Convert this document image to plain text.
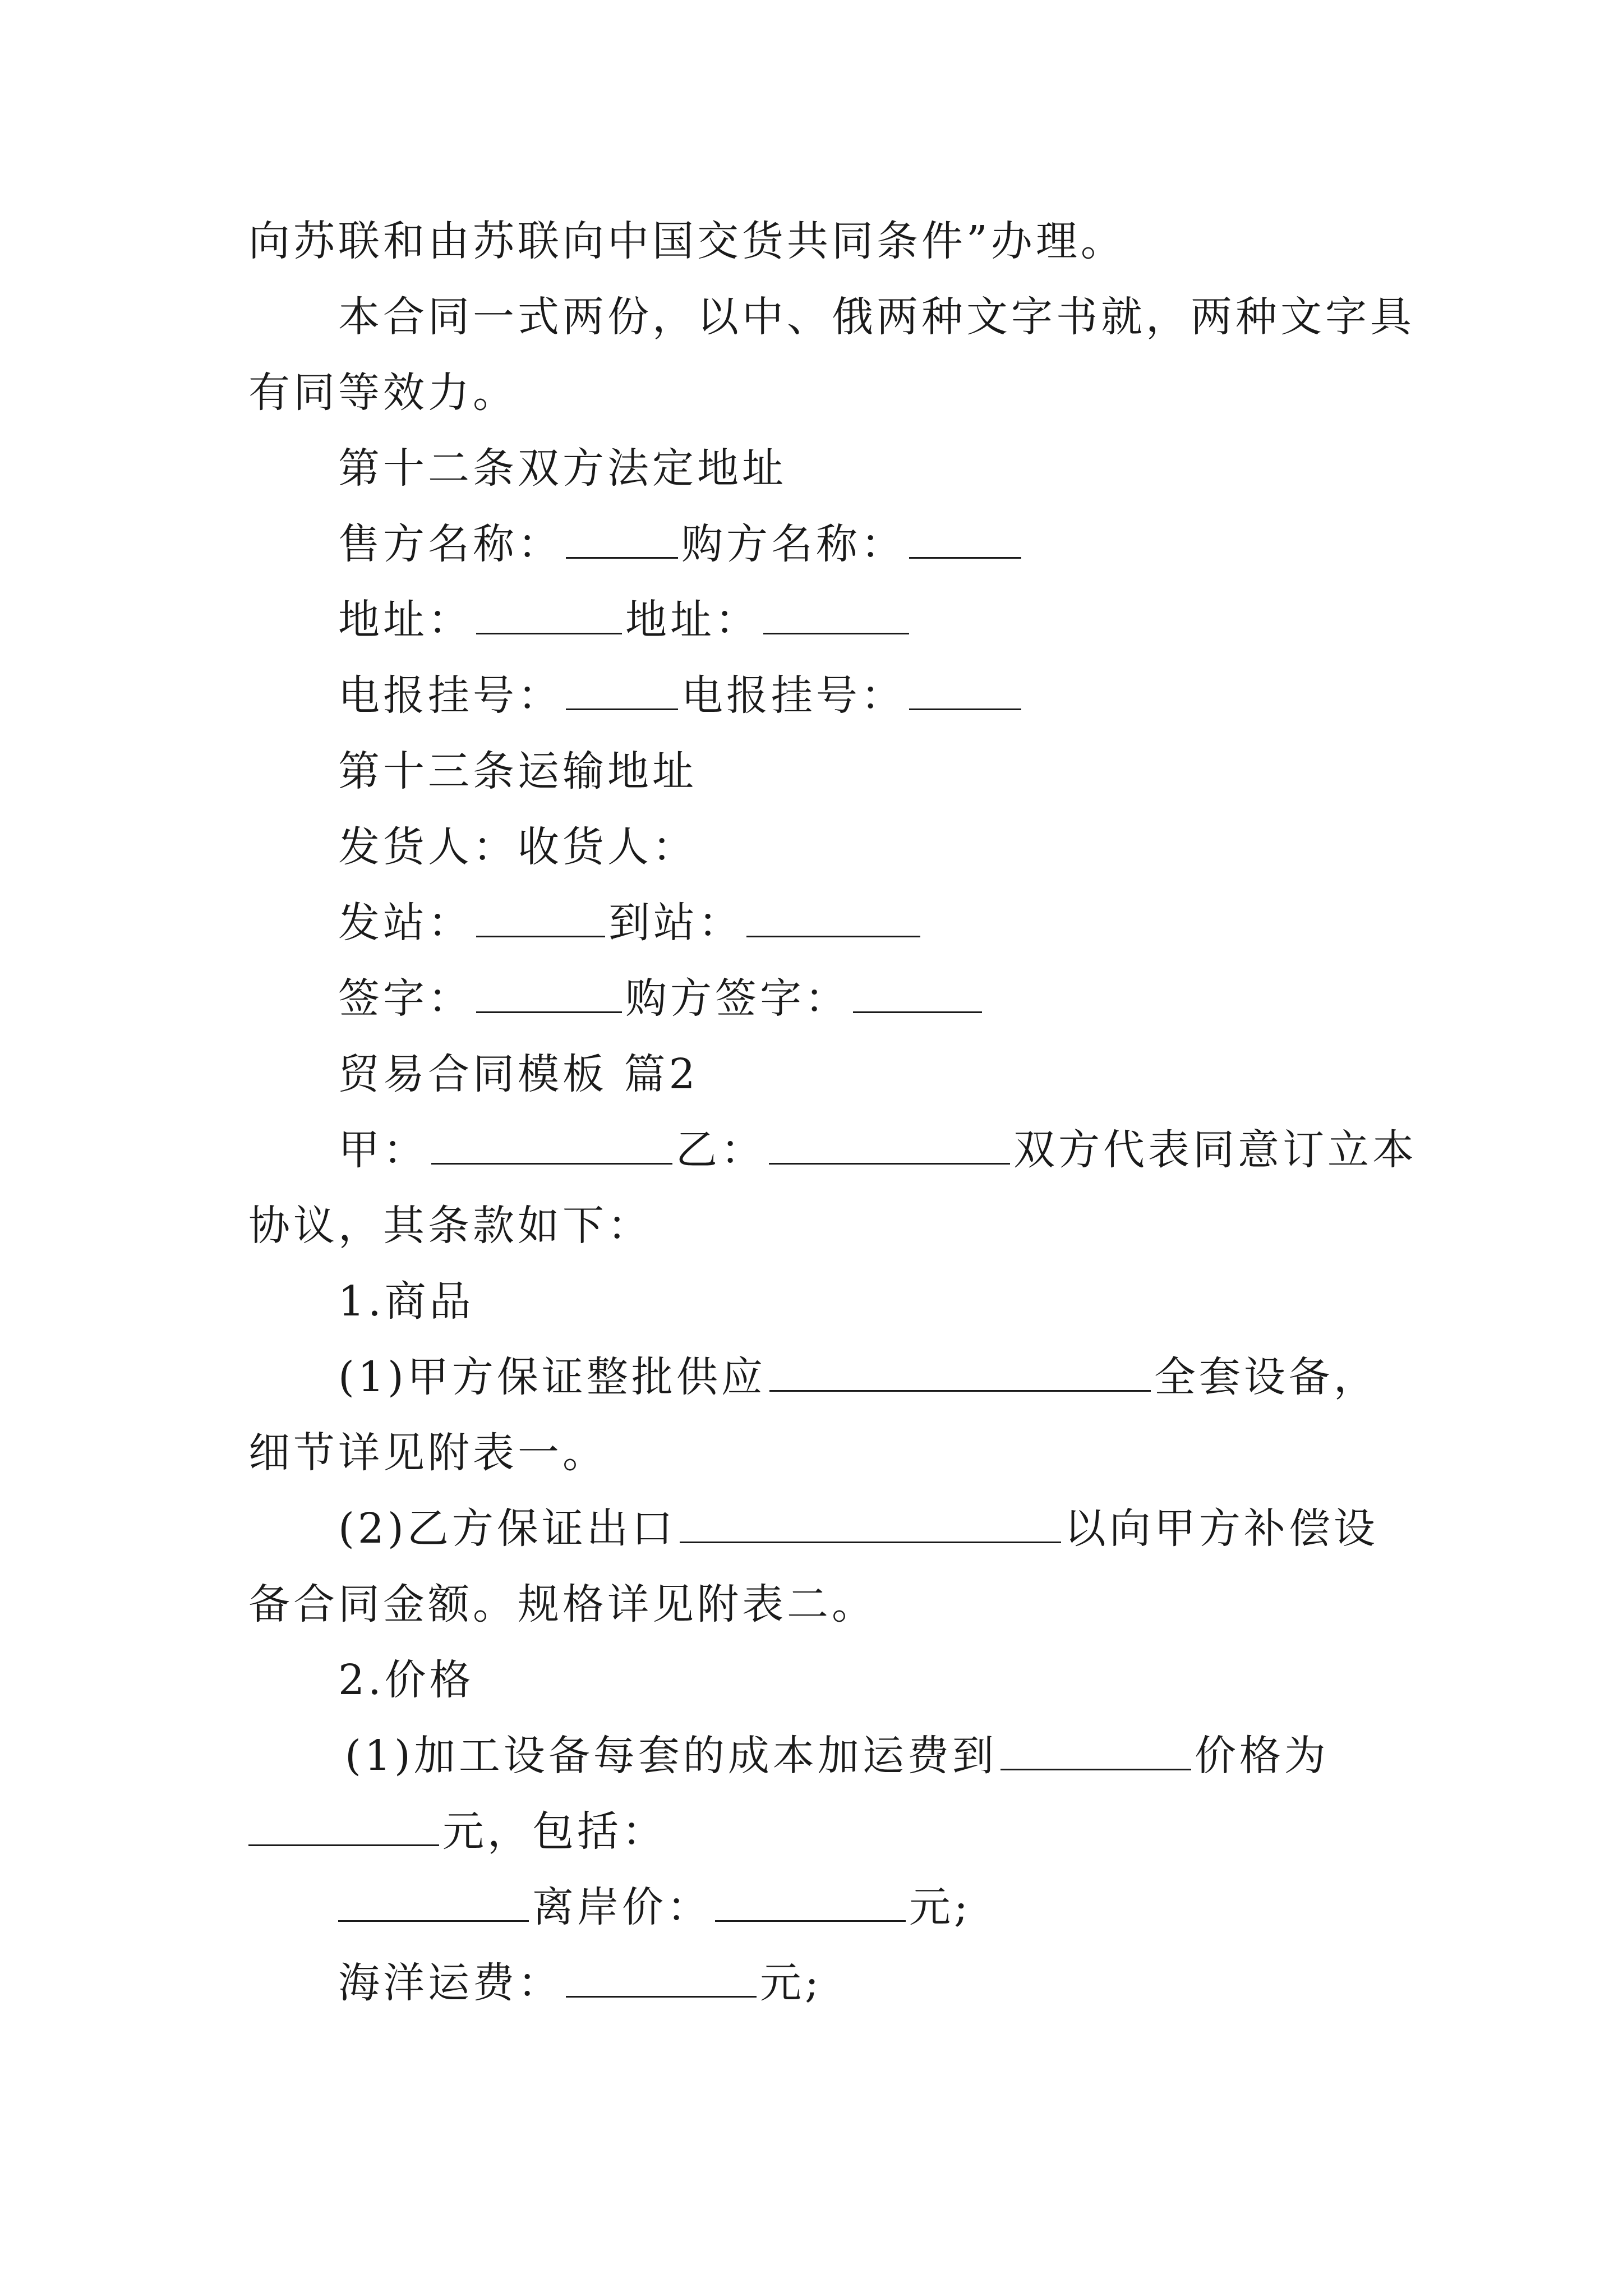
向苏联和由苏联向中国交货共同条件”办理。
本合同一式两份，以中、俄两种文字书就，两种文字具
有同等效力。
第十二条双方法定地址
售方名称：	购方名称：
地址：	地址：
电报挂号：	电报挂号：
第十三条运输地址
发货人：收货人：
发站：	到站：
签字：	购方签字：
贸易合同模板 篇2
甲：	乙：	双方代表同意订立本
协议，其条款如下：
1.商品
(1)甲方保证整批供应	全套设备，
细节详见附表一。
(2)乙方保证出口	以向甲方补偿设
备合同金额。规格详见附表二。
2.价格
(1)加工设备每套的成本加运费到	价格为
元，包括：
离岸价：	元;
海洋运费：	元;
